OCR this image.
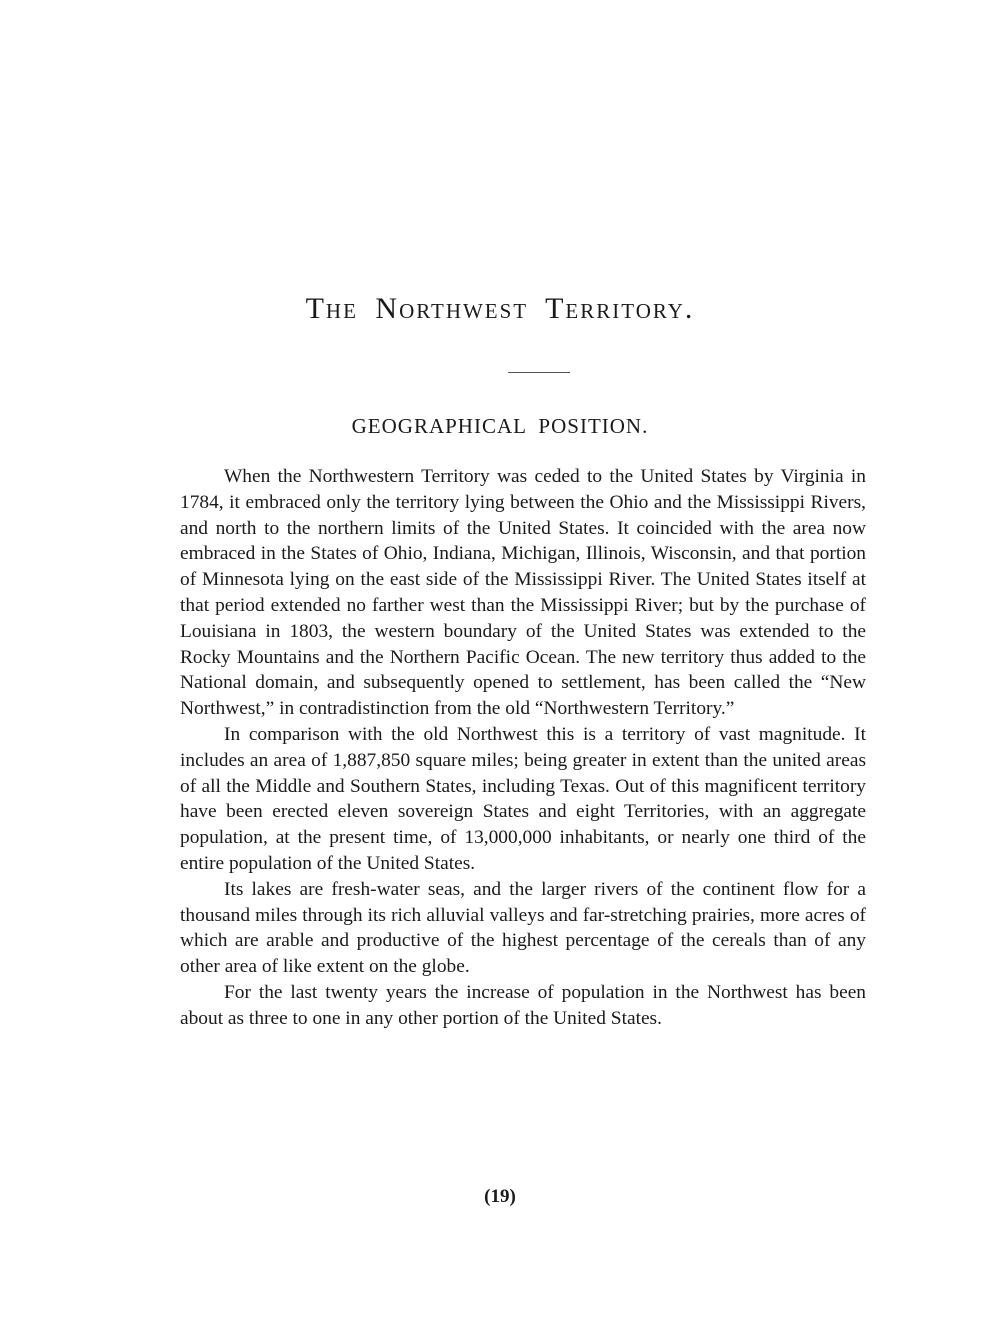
The Northwest Territory.
GEOGRAPHICAL POSITION.

When the Northwestern Territory was ceded to the United States by Virginia in 1784, it embraced only the territory lying between the Ohio and the Mississippi Rivers, and north to the northern limits of the United States. It coincided with the area now embraced in the States of Ohio, Indiana, Michigan, Illinois, Wisconsin, and that portion of Minnesota lying on the east side of the Mississippi River. The United States itself at that period extended no farther west than the Mississippi River; but by the purchase of Louisiana in 1803, the western boundary of the United States was extended to the Rocky Mountains and the Northern Pacific Ocean. The new territory thus added to the National domain, and subsequently opened to settlement, has been called the “New Northwest,” in contradistinction from the old “Northwestern Territory.”

In comparison with the old Northwest this is a territory of vast magnitude. It includes an area of 1,887,850 square miles; being greater in extent than the united areas of all the Middle and Southern States, including Texas. Out of this magnificent territory have been erected eleven sovereign States and eight Territories, with an aggregate population, at the present time, of 13,000,000 inhabitants, or nearly one third of the entire population of the United States.

Its lakes are fresh-water seas, and the larger rivers of the continent flow for a thousand miles through its rich alluvial valleys and far-stretching prairies, more acres of which are arable and productive of the highest percentage of the cereals than of any other area of like extent on the globe.

For the last twenty years the increase of population in the Northwest has been about as three to one in any other portion of the United States.

(19)
